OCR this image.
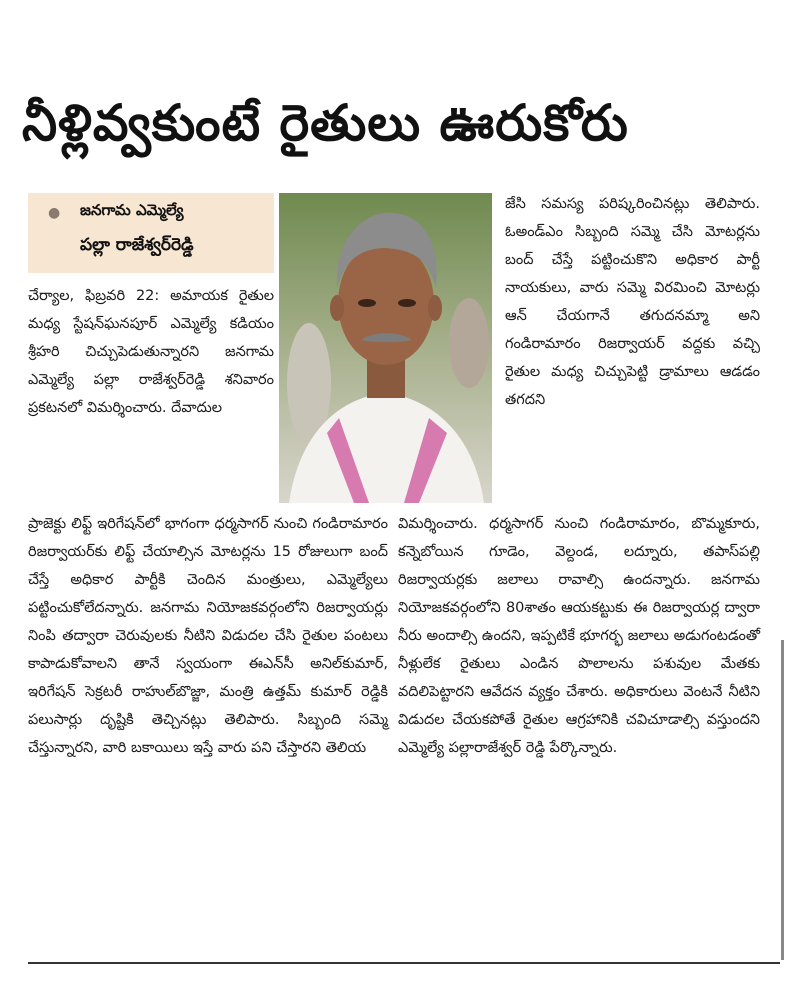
నీళ్లివ్వకుంటే రైతులు ఊరుకోరు
● జనగామ ఎమ్మెల్యే
పల్లా రాజేశ్వర్‌రెడ్డి
చేర్యాల, ఫిబ్రవరి 22: అమాయక రైతుల మధ్య స్టేషన్‌ఘనపూర్ ఎమ్మెల్యే కడియం శ్రీహరి చిచ్చుపెడుతున్నారని జనగామ ఎమ్మెల్యే పల్లా రాజేశ్వర్‌రెడ్డి శనివారం ప్రకటనలో విమర్శించారు. దేవాదుల
ప్రాజెక్టు లిఫ్ట్ ఇరిగేషన్‌లో భాగంగా ధర్మసాగర్ నుంచి గండిరామారం రిజర్వాయర్‌కు లిఫ్ట్ చేయాల్సిన మోటర్లను 15 రోజులుగా బంద్ చేస్తే అధికార పార్టీకి చెందిన మంత్రులు, ఎమ్మెల్యేలు పట్టించుకోలేదన్నారు. జనగామ నియోజకవర్గంలోని రిజర్వాయర్లు నింపి తద్వారా చెరువులకు నీటిని విడుదల చేసి రైతుల పంటలు కాపాడుకోవాలని తానే స్వయంగా ఈఎన్‌సీ అనిల్‌కుమార్, ఇరిగేషన్ సెక్రటరీ రాహుల్‌బొజ్జా, మంత్రి ఉత్తమ్ కుమార్ రెడ్డికి పలుసార్లు దృష్టికి తెచ్చినట్లు తెలిపారు. సిబ్బంది సమ్మె చేస్తున్నారని, వారి బకాయిలు ఇస్తే వారు పని చేస్తారని తెలియ
జేసి సమస్య పరిష్కరించినట్లు తెలిపారు. ఓఅండ్‌ఎం సిబ్బంది సమ్మె చేసి మోటర్లను బంద్ చేస్తే పట్టించుకొని అధికార పార్టీ నాయకులు, వారు సమ్మె విరమించి మోటర్లు ఆన్ చేయగానే తగుదనమ్మా అని గండిరామారం రిజర్వాయర్ వద్దకు వచ్చి రైతుల మధ్య చిచ్చుపెట్టి డ్రామాలు ఆడడం తగదని
విమర్శించారు. ధర్మసాగర్ నుంచి గండిరామారం, బొమ్మకూరు, కన్నెబోయిన గూడెం, వెల్దండ, లద్నూరు, తపాస్‌పల్లి రిజర్వాయర్లకు జలాలు రావాల్సి ఉందన్నారు. జనగామ నియోజకవర్గంలోని 80శాతం ఆయకట్టుకు ఈ రిజర్వాయర్ల ద్వారా నీరు అందాల్సి ఉందని, ఇప్పటికే భూగర్భ జలాలు అడుగంటడంతో నీళ్లులేక రైతులు ఎండిన పొలాలను పశువుల మేతకు వదిలిపెట్టారని ఆవేదన వ్యక్తం చేశారు. అధికారులు వెంటనే నీటిని విడుదల చేయకపోతే రైతుల ఆగ్రహానికి చవిచూడాల్సి వస్తుందని ఎమ్మెల్యే పల్లారాజేశ్వర్ రెడ్డి పేర్కొన్నారు.
